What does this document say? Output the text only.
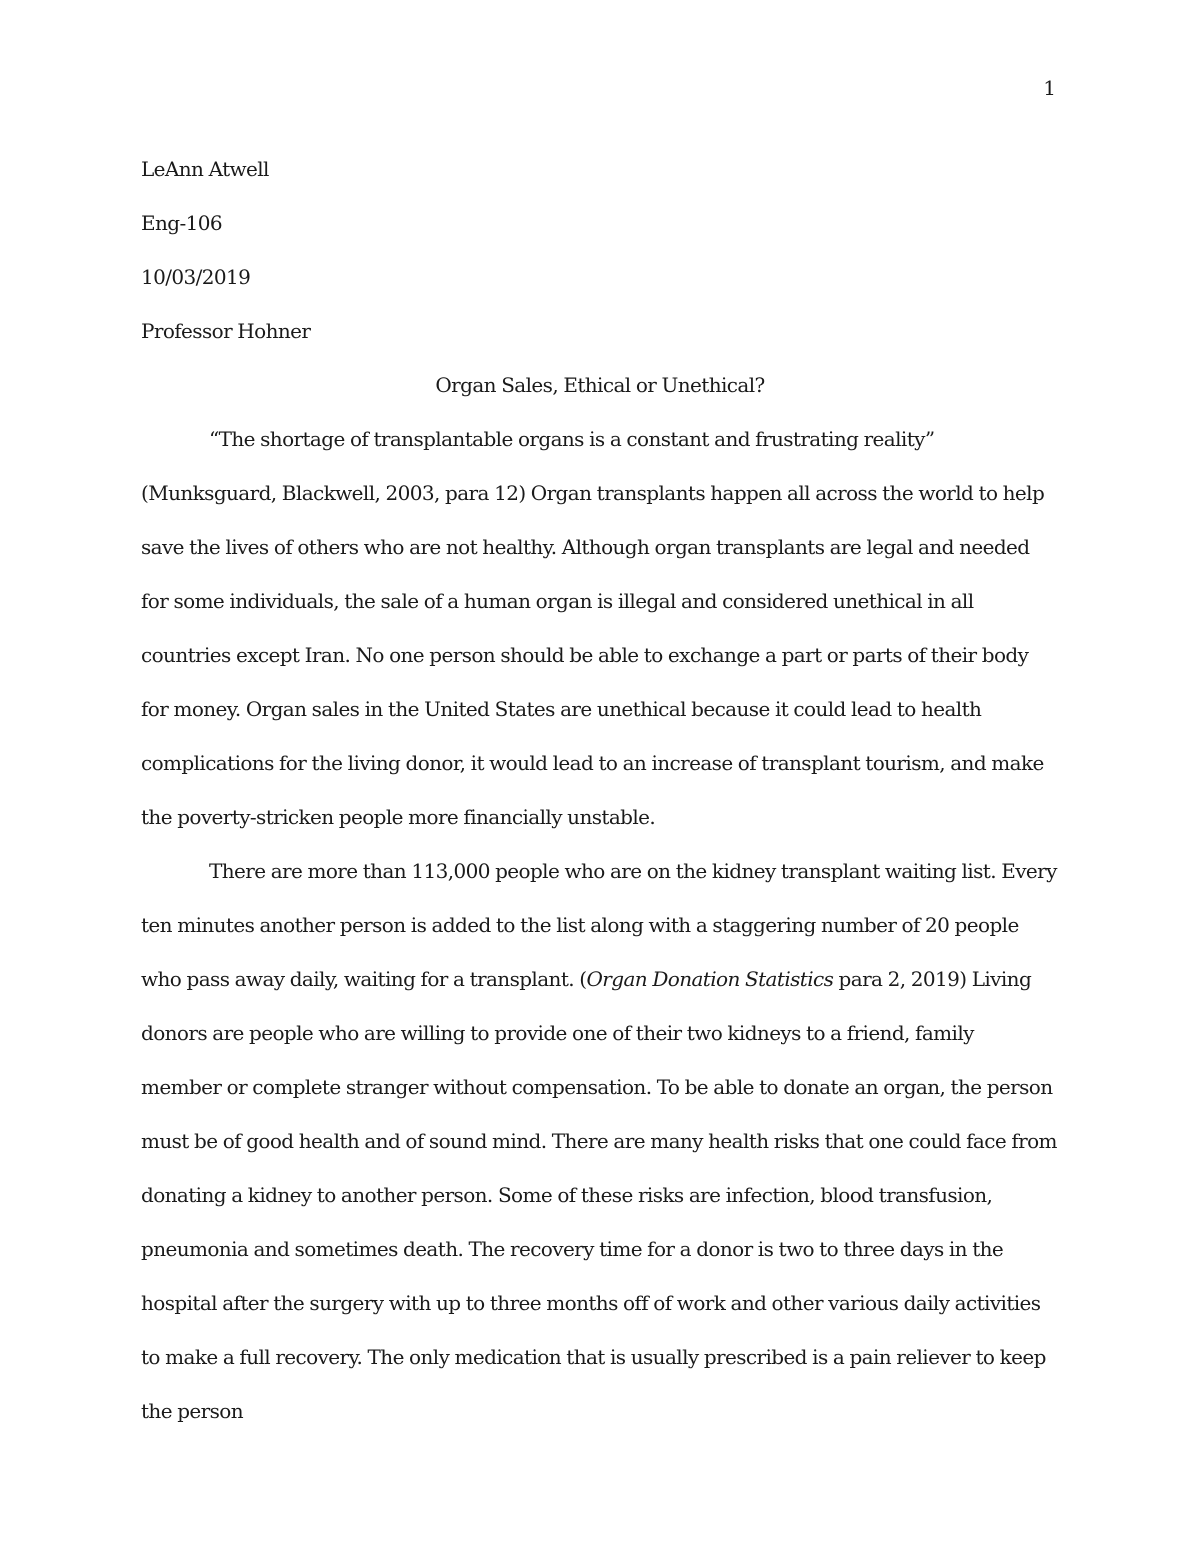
1

LeAnn Atwell

Eng-106

10/03/2019

Professor Hohner

Organ Sales, Ethical or Unethical?

“The shortage of transplantable organs is a constant and frustrating reality” (Munksguard, Blackwell, 2003, para 12) Organ transplants happen all across the world to help save the lives of others who are not healthy. Although organ transplants are legal and needed for some individuals, the sale of a human organ is illegal and considered unethical in all countries except Iran. No one person should be able to exchange a part or parts of their body for money. Organ sales in the United States are unethical because it could lead to health complications for the living donor, it would lead to an increase of transplant tourism, and make the poverty-stricken people more financially unstable.

There are more than 113,000 people who are on the kidney transplant waiting list. Every ten minutes another person is added to the list along with a staggering number of 20 people who pass away daily, waiting for a transplant. (Organ Donation Statistics para 2, 2019) Living donors are people who are willing to provide one of their two kidneys to a friend, family member or complete stranger without compensation. To be able to donate an organ, the person must be of good health and of sound mind. There are many health risks that one could face from donating a kidney to another person. Some of these risks are infection, blood transfusion, pneumonia and sometimes death. The recovery time for a donor is two to three days in the hospital after the surgery with up to three months off of work and other various daily activities to make a full recovery. The only medication that is usually prescribed is a pain reliever to keep the person
